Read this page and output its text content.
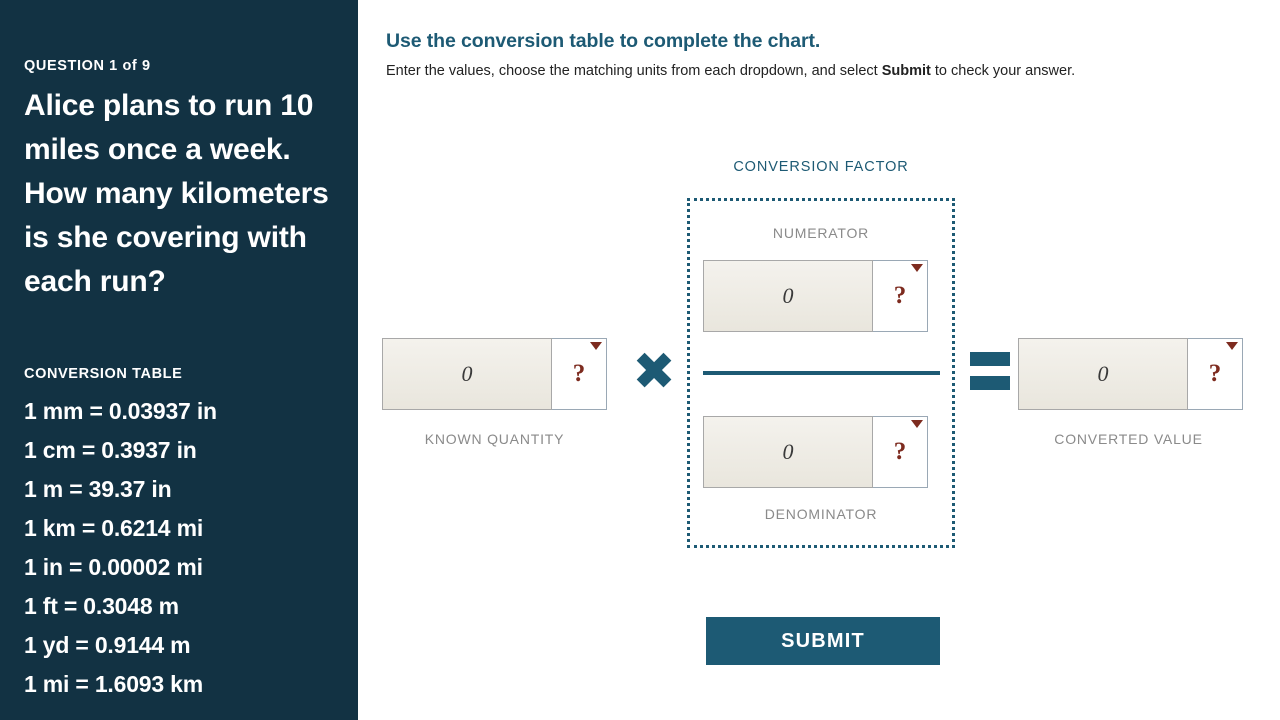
QUESTION 1 of 9
Alice plans to run 10 miles once a week. How many kilometers is she covering with each run?
CONVERSION TABLE
1 mm = 0.03937 in
1 cm = 0.3937 in
1 m = 39.37 in
1 km = 0.6214 mi
1 in = 0.00002 mi
1 ft = 0.3048 m
1 yd = 0.9144 m
1 mi = 1.6093 km
Use the conversion table to complete the chart.
Enter the values, choose the matching units from each dropdown, and select Submit to check your answer.
CONVERSION FACTOR
NUMERATOR
0	?
0	?
DENOMINATOR
0	?
KNOWN QUANTITY
✖	0	?
CONVERTED VALUE
SUBMIT
